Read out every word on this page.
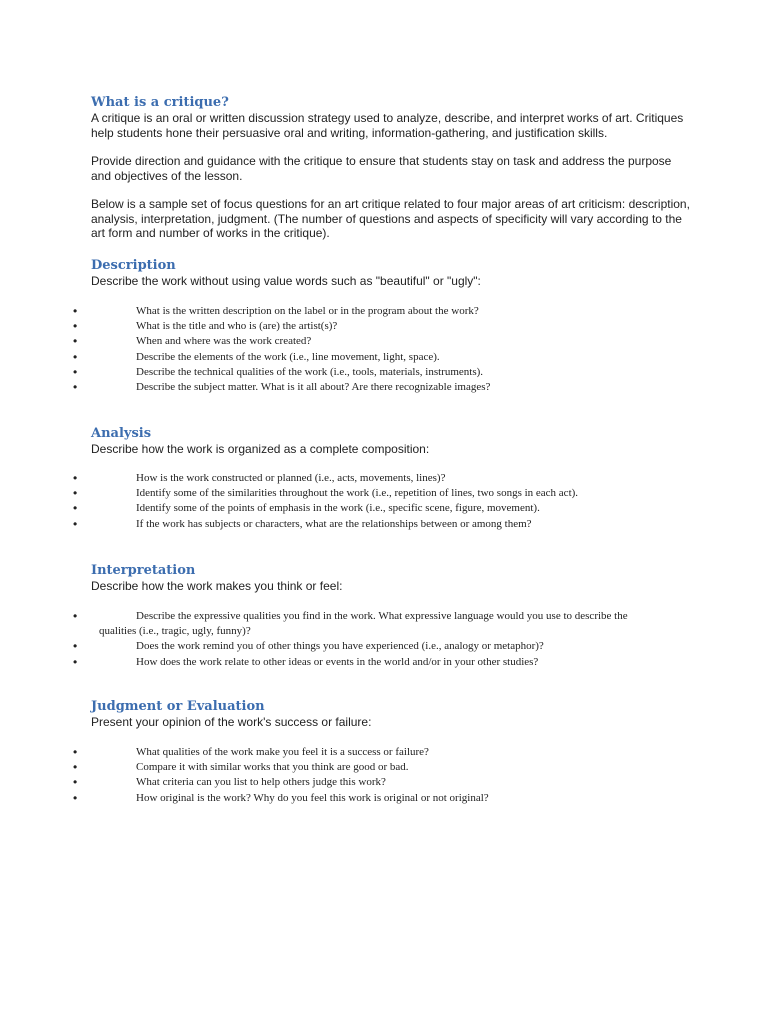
What is a critique?

A critique is an oral or written discussion strategy used to analyze, describe, and interpret works of art. Critiques help students hone their persuasive oral and writing, information-gathering, and justification skills.

Provide direction and guidance with the critique to ensure that students stay on task and address the purpose and objectives of the lesson.

Below is a sample set of focus questions for an art critique related to four major areas of art criticism: description, analysis, interpretation, judgment. (The number of questions and aspects of specificity will vary according to the art form and number of works in the critique).

Description

Describe the work without using value words such as "beautiful" or "ugly":

•	What is the written description on the label or in the program about the work?
•	What is the title and who is (are) the artist(s)?
•	When and where was the work created?
•	Describe the elements of the work (i.e., line movement, light, space).
•	Describe the technical qualities of the work (i.e., tools, materials, instruments).
•	Describe the subject matter. What is it all about? Are there recognizable images?
Analysis

Describe how the work is organized as a complete composition:

•	How is the work constructed or planned (i.e., acts, movements, lines)?
•	Identify some of the similarities throughout the work (i.e., repetition of lines, two songs in each act).
•	Identify some of the points of emphasis in the work (i.e., specific scene, figure, movement).
•	If the work has subjects or characters, what are the relationships between or among them?
Interpretation

Describe how the work makes you think or feel:

•	Describe the expressive qualities you find in the work. What expressive language would you use to describe the
qualities (i.e., tragic, ugly, funny)?
•	Does the work remind you of other things you have experienced (i.e., analogy or metaphor)?
•	How does the work relate to other ideas or events in the world and/or in your other studies?
Judgment or Evaluation

Present your opinion of the work's success or failure:

•	What qualities of the work make you feel it is a success or failure?
•	Compare it with similar works that you think are good or bad.
•	What criteria can you list to help others judge this work?
•	How original is the work? Why do you feel this work is original or not original?
